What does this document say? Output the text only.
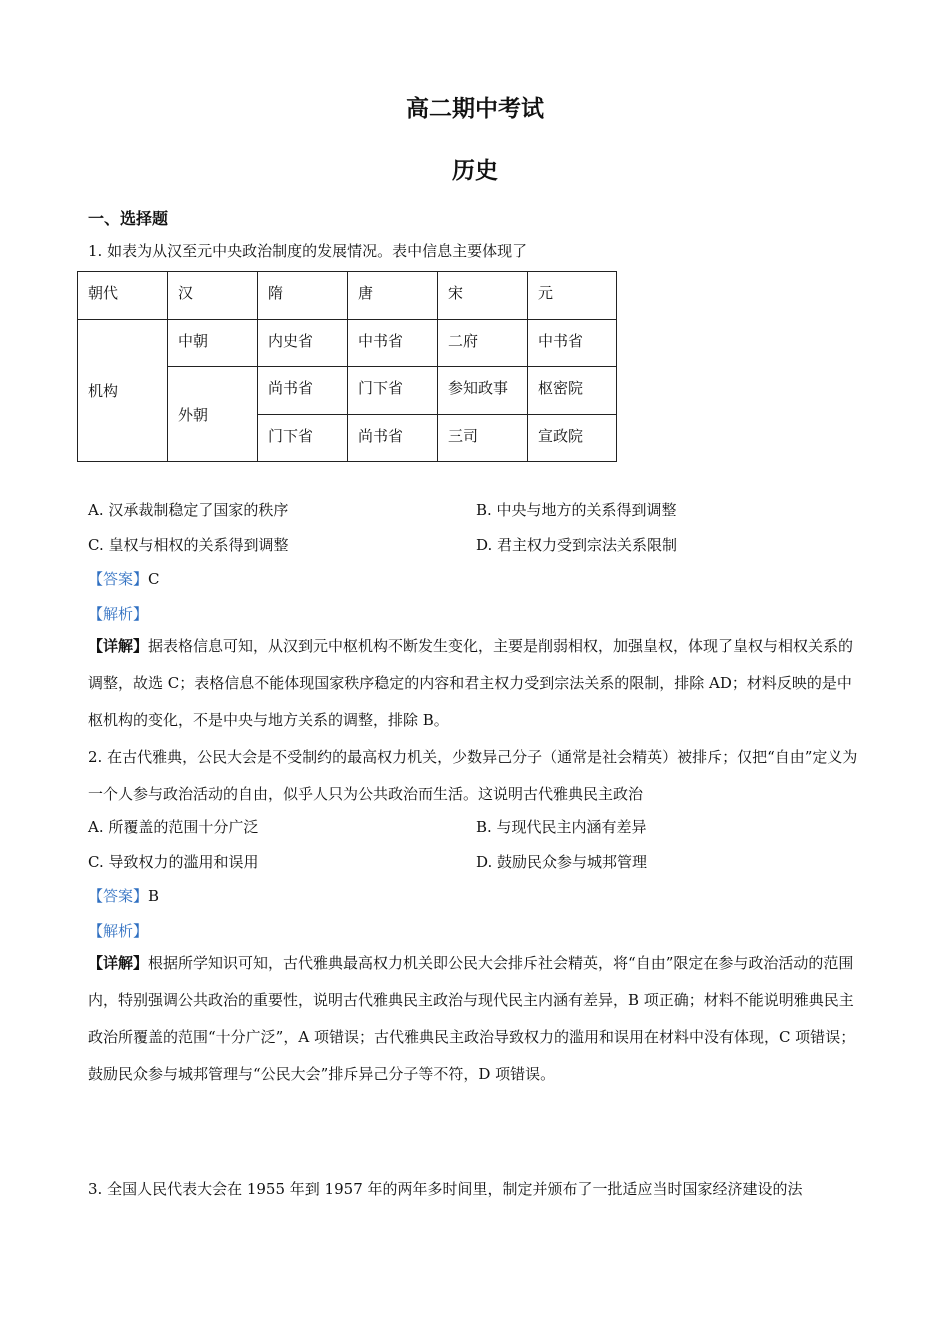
高二期中考试
历史
一、选择题
1. 如表为从汉至元中央政治制度的发展情况。表中信息主要体现了
朝代	汉	隋	唐	宋	元
机构	中朝	内史省	中书省	二府	中书省
	外朝	尚书省	门下省	参知政事	枢密院
		门下省	尚书省	三司	宣政院
A. 汉承裁制稳定了国家的秩序	B. 中央与地方的关系得到调整
C. 皇权与相权的关系得到调整	D. 君主权力受到宗法关系限制
【答案】C
【解析】
【详解】据表格信息可知，从汉到元中枢机构不断发生变化，主要是削弱相权，加强皇权，体现了皇权与相权关系的调整，故选 C；表格信息不能体现国家秩序稳定的内容和君主权力受到宗法关系的限制，排除 AD；材料反映的是中枢机构的变化，不是中央与地方关系的调整，排除 B。
2. 在古代雅典，公民大会是不受制约的最高权力机关，少数异己分子（通常是社会精英）被排斥；仅把“自由”定义为一个人参与政治活动的自由，似乎人只为公共政治而生活。这说明古代雅典民主政治
A. 所覆盖的范围十分广泛	B. 与现代民主内涵有差异
C. 导致权力的滥用和误用	D. 鼓励民众参与城邦管理
【答案】B
【解析】
【详解】根据所学知识可知，古代雅典最高权力机关即公民大会排斥社会精英，将“自由”限定在参与政治活动的范围内，特别强调公共政治的重要性，说明古代雅典民主政治与现代民主内涵有差异，B 项正确；材料不能说明雅典民主政治所覆盖的范围“十分广泛”，A 项错误；古代雅典民主政治导致权力的滥用和误用在材料中没有体现，C 项错误；鼓励民众参与城邦管理与“公民大会”排斥异己分子等不符，D 项错误。
3. 全国人民代表大会在 1955 年到 1957 年的两年多时间里，制定并颁布了一批适应当时国家经济建设的法
